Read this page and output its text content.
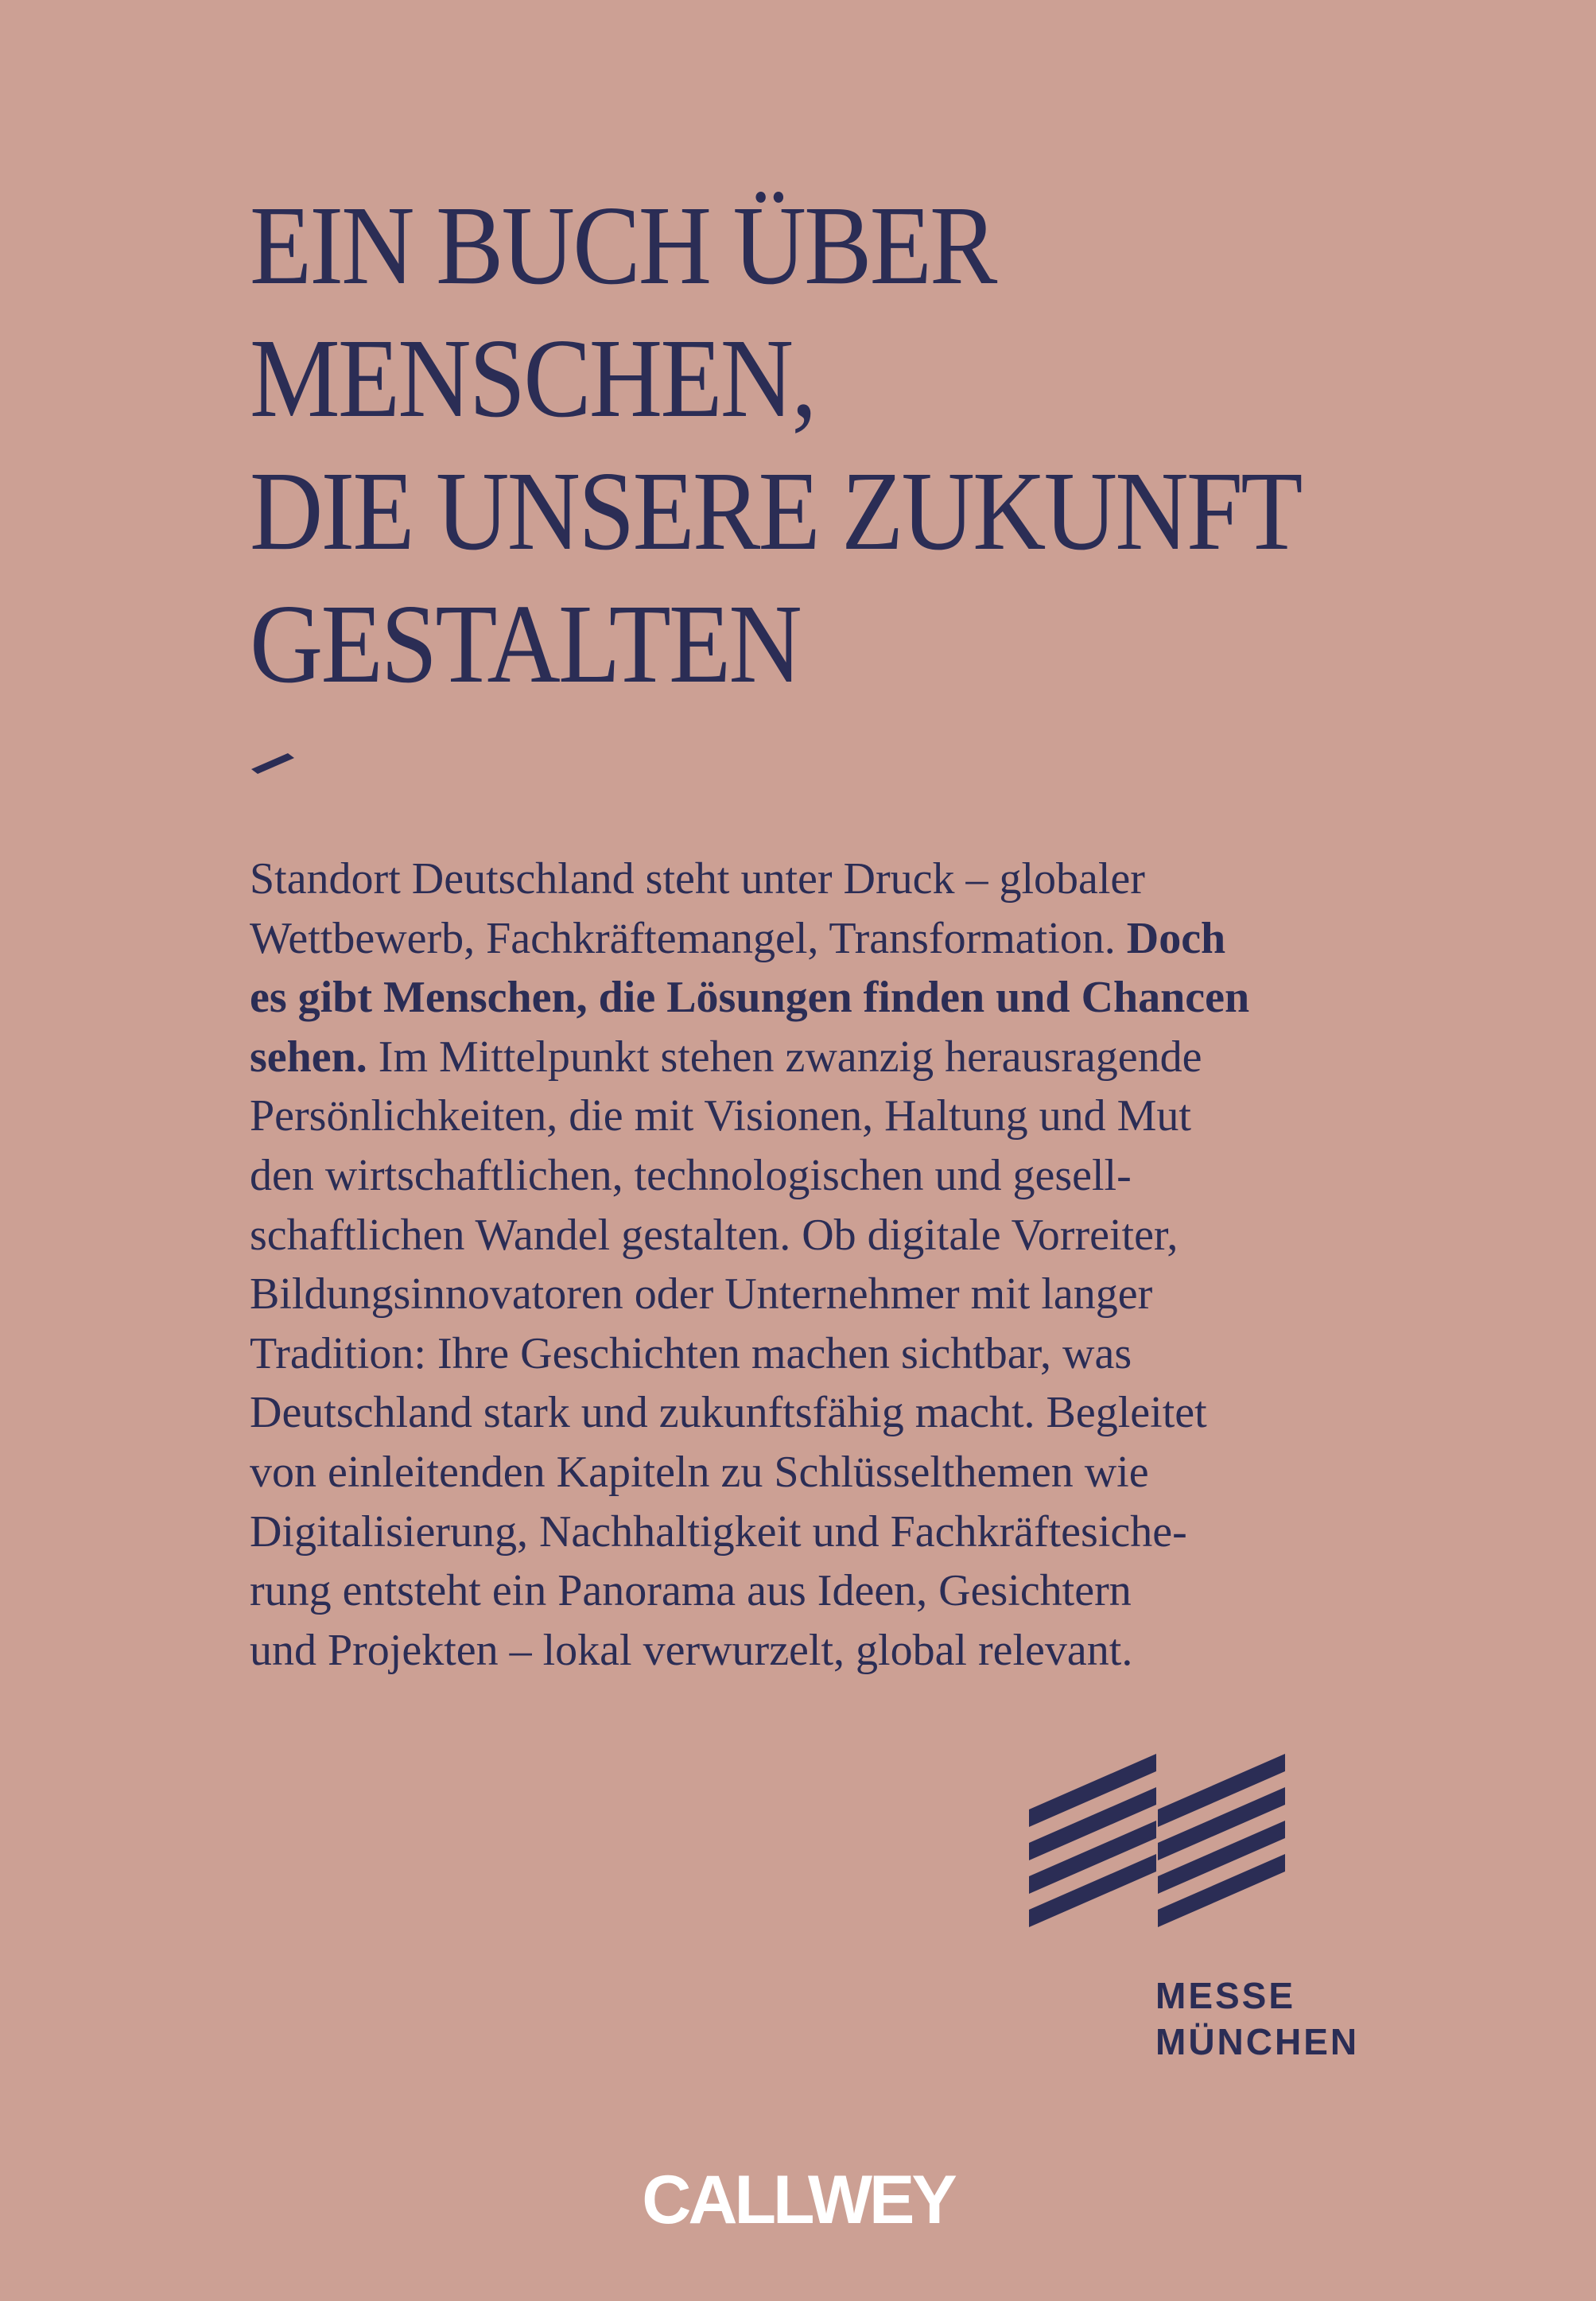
EIN BUCH ÜBER
MENSCHEN,
DIE UNSERE ZUKUNFT
GESTALTEN

Standort Deutschland steht unter Druck – globaler
Wettbewerb, Fachkräftemangel, Transformation. Doch
es gibt Menschen, die Lösungen finden und Chancen
sehen. Im Mittelpunkt stehen zwanzig herausragende
Persönlichkeiten, die mit Visionen, Haltung und Mut
den wirtschaftlichen, technologischen und gesell-
schaftlichen Wandel gestalten. Ob digitale Vorreiter,
Bildungsinnovatoren oder Unternehmer mit langer
Tradition: Ihre Geschichten machen sichtbar, was
Deutschland stark und zukunftsfähig macht. Begleitet
von einleitenden Kapiteln zu Schlüsselthemen wie
Digitalisierung, Nachhaltigkeit und Fachkräftesiche-
rung entsteht ein Panorama aus Ideen, Gesichtern
und Projekten – lokal verwurzelt, global relevant.

MESSE
MÜNCHEN
CALLWEY
